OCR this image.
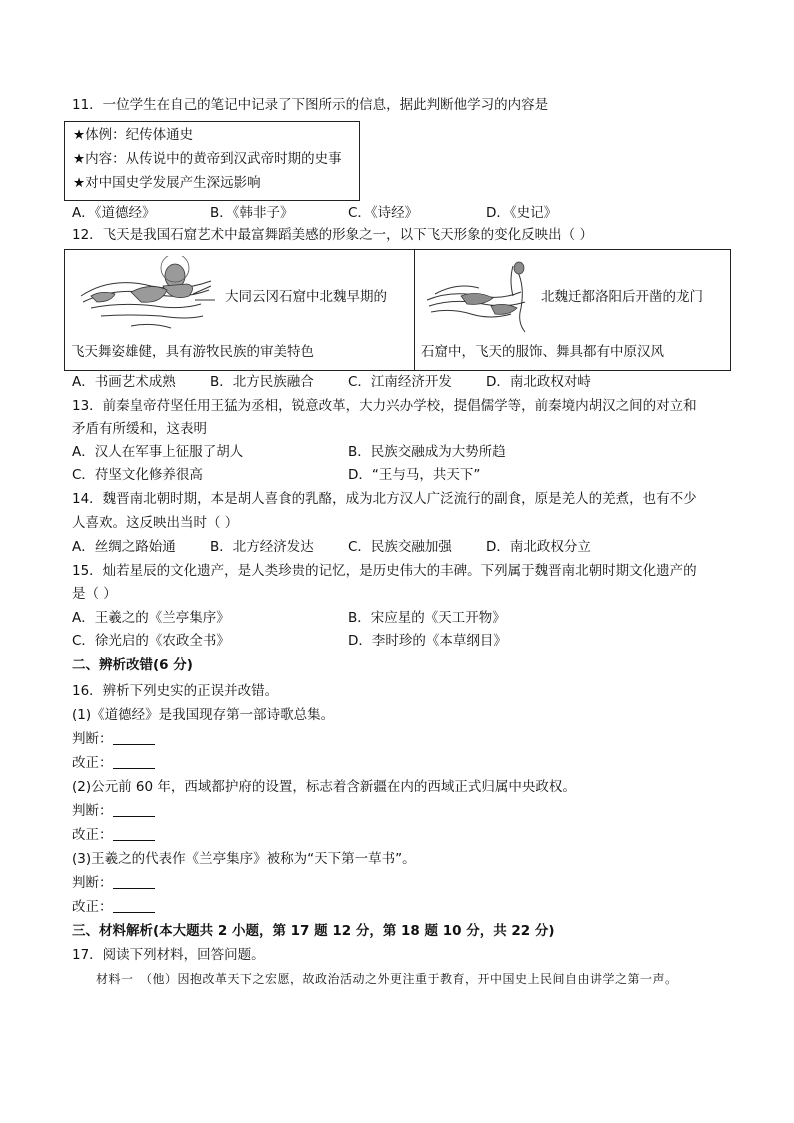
11．一位学生在自己的笔记中记录了下图所示的信息，据此判断他学习的内容是
★体例：纪传体通史
★内容：从传说中的黄帝到汉武帝时期的史事
★对中国史学发展产生深远影响
A．《道德经》	B．《韩非子》	C．《诗经》	D．《史记》
12．飞天是我国石窟艺术中最富舞蹈美感的形象之一，以下飞天形象的变化反映出（ ）
大同云冈石窟中北魏早期的
飞天舞姿雄健，具有游牧民族的审美特色
北魏迁都洛阳后开凿的龙门
石窟中，飞天的服饰、舞具都有中原汉风
A．书画艺术成熟	B．北方民族融合	C．江南经济开发	D．南北政权对峙
13．前秦皇帝苻坚任用王猛为丞相，锐意改革，大力兴办学校，提倡儒学等，前秦境内胡汉之间的对立和
矛盾有所缓和，这表明
A．汉人在军事上征服了胡人	B．民族交融成为大势所趋
C．苻坚文化修养很高	D．“王与马，共天下”
14．魏晋南北朝时期，本是胡人喜食的乳酪，成为北方汉人广泛流行的副食，原是羌人的羌煮，也有不少
人喜欢。这反映出当时（ ）
A．丝绸之路始通	B．北方经济发达	C．民族交融加强	D．南北政权分立
15．灿若星辰的文化遗产，是人类珍贵的记忆，是历史伟大的丰碑。下列属于魏晋南北朝时期文化遗产的
是（ ）
A．王羲之的《兰亭集序》	B．宋应星的《天工开物》
C．徐光启的《农政全书》	D．李时珍的《本草纲目》
二、辨析改错(6 分)
16．辨析下列史实的正误并改错。
(1)《道德经》是我国现存第一部诗歌总集。
判断：
改正：
(2)公元前 60 年，西域都护府的设置，标志着含新疆在内的西域正式归属中央政权。
判断：
改正：
(3)王羲之的代表作《兰亭集序》被称为“天下第一草书”。
判断：
改正：
三、材料解析(本大题共 2 小题，第 17 题 12 分，第 18 题 10 分，共 22 分)
17．阅读下列材料，回答问题。
材料一　（他）因抱改革天下之宏愿，故政治活动之外更注重于教育，开中国史上民间自由讲学之第一声。
